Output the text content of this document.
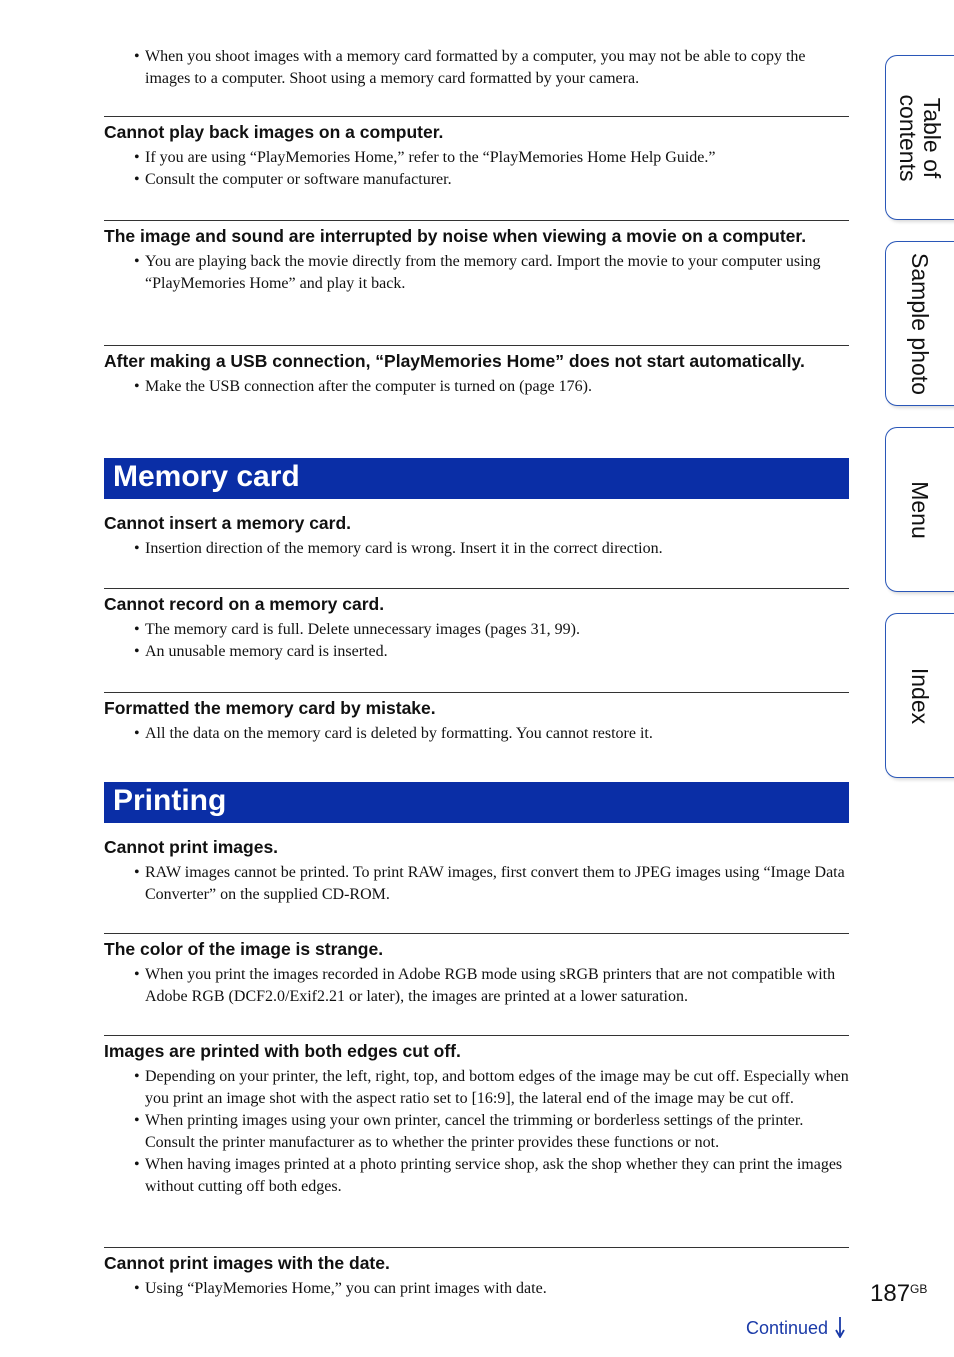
• When you shoot images with a memory card formatted by a computer, you may not be able to copy the images to a computer. Shoot using a memory card formatted by your camera.
Cannot play back images on a computer.
• If you are using “PlayMemories Home,” refer to the “PlayMemories Home Help Guide.”
• Consult the computer or software manufacturer.
The image and sound are interrupted by noise when viewing a movie on a computer.
• You are playing back the movie directly from the memory card. Import the movie to your computer using “PlayMemories Home” and play it back.
After making a USB connection, “PlayMemories Home” does not start automatically.
• Make the USB connection after the computer is turned on (page 176).
Memory card
Cannot insert a memory card.
• Insertion direction of the memory card is wrong. Insert it in the correct direction.
Cannot record on a memory card.
• The memory card is full. Delete unnecessary images (pages 31, 99).
• An unusable memory card is inserted.
Formatted the memory card by mistake.
• All the data on the memory card is deleted by formatting. You cannot restore it.
Printing
Cannot print images.
• RAW images cannot be printed. To print RAW images, first convert them to JPEG images using “Image Data Converter” on the supplied CD-ROM.
The color of the image is strange.
• When you print the images recorded in Adobe RGB mode using sRGB printers that are not compatible with Adobe RGB (DCF2.0/Exif2.21 or later), the images are printed at a lower saturation.
Images are printed with both edges cut off.
• Depending on your printer, the left, right, top, and bottom edges of the image may be cut off. Especially when you print an image shot with the aspect ratio set to [16:9], the lateral end of the image may be cut off.
• When printing images using your own printer, cancel the trimming or borderless settings of the printer. Consult the printer manufacturer as to whether the printer provides these functions or not.
• When having images printed at a photo printing service shop, ask the shop whether they can print the images without cutting off both edges.
Cannot print images with the date.
• Using “PlayMemories Home,” you can print images with date.
Table of
contents
Sample photo
Menu
Index
$187^{GB}$
Continued
